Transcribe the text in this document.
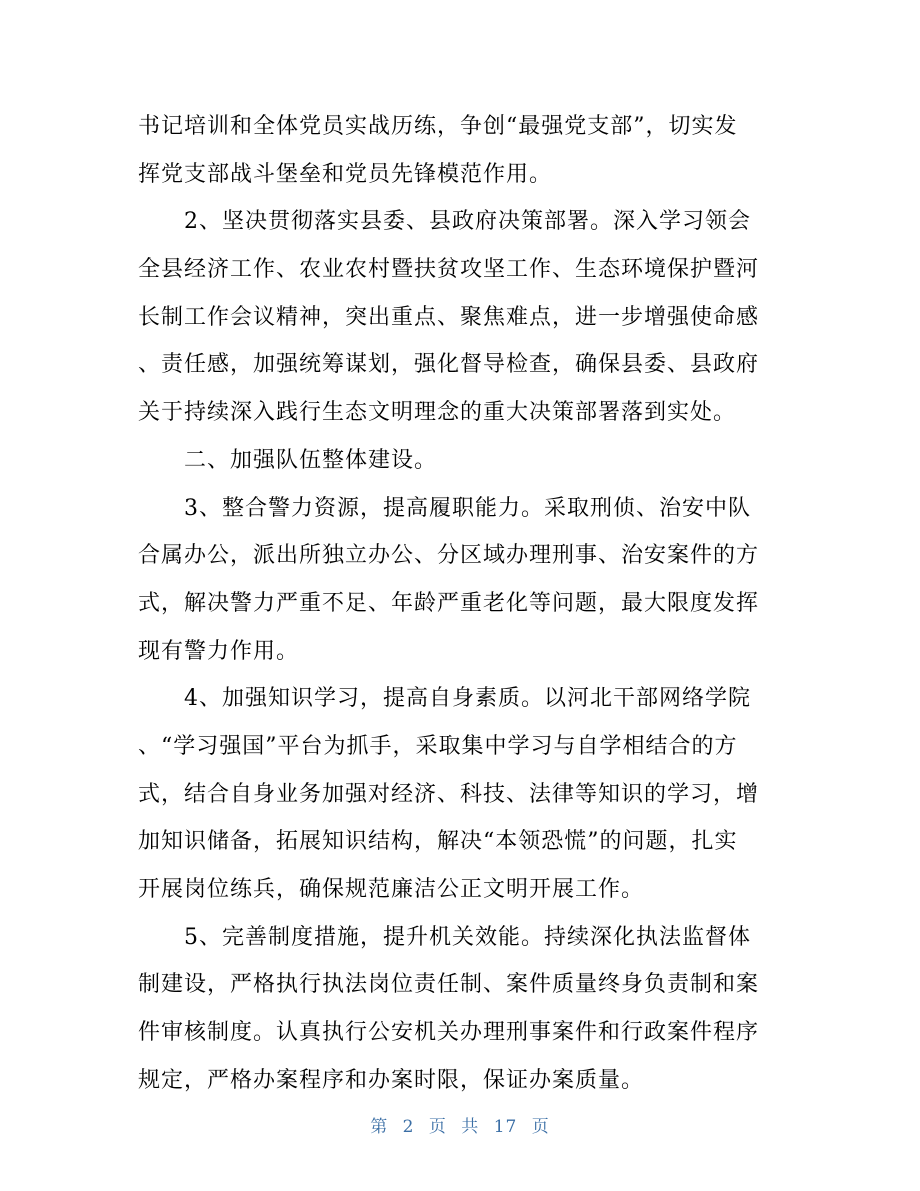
书记培训和全体党员实战历练，争创“最强党支部”，切实发
挥党支部战斗堡垒和党员先锋模范作用。
2、坚决贯彻落实县委、县政府决策部署。深入学习领会
全县经济工作、农业农村暨扶贫攻坚工作、生态环境保护暨河
长制工作会议精神，突出重点、聚焦难点，进一步增强使命感
、责任感，加强统筹谋划，强化督导检查，确保县委、县政府
关于持续深入践行生态文明理念的重大决策部署落到实处。
二、加强队伍整体建设。
3、整合警力资源，提高履职能力。采取刑侦、治安中队
合属办公，派出所独立办公、分区域办理刑事、治安案件的方
式，解决警力严重不足、年龄严重老化等问题，最大限度发挥
现有警力作用。
4、加强知识学习，提高自身素质。以河北干部网络学院
、“学习强国”平台为抓手，采取集中学习与自学相结合的方
式，结合自身业务加强对经济、科技、法律等知识的学习，增
加知识储备，拓展知识结构，解决“本领恐慌”的问题，扎实
开展岗位练兵，确保规范廉洁公正文明开展工作。
5、完善制度措施，提升机关效能。持续深化执法监督体
制建设，严格执行执法岗位责任制、案件质量终身负责制和案
件审核制度。认真执行公安机关办理刑事案件和行政案件程序
规定，严格办案程序和办案时限，保证办案质量。
第 2 页 共 17 页
